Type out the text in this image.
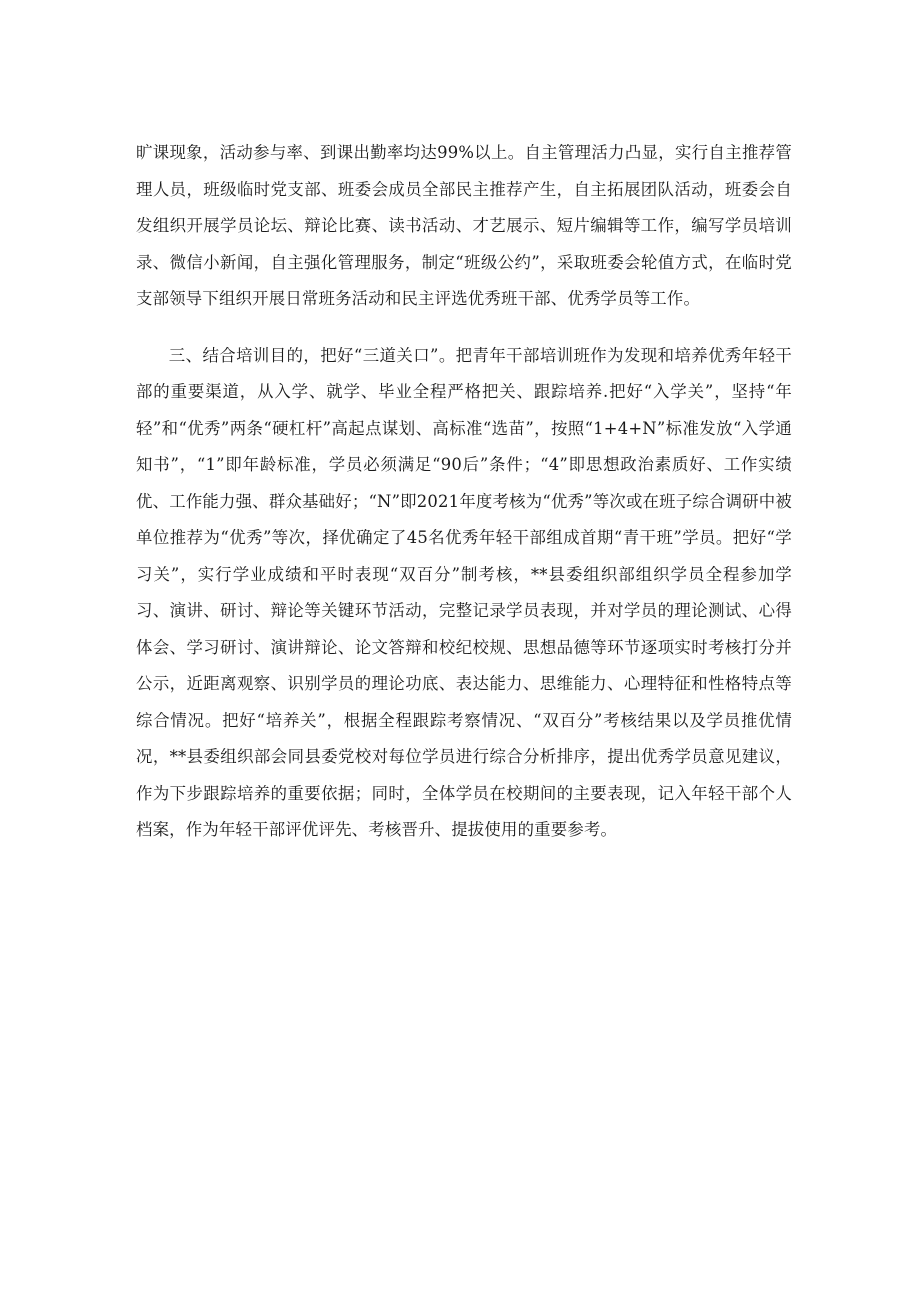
旷课现象，活动参与率、到课出勤率均达99%以上。自主管理活力凸显，实行自主推荐管理人员，班级临时党支部、班委会成员全部民主推荐产生，自主拓展团队活动，班委会自发组织开展学员论坛、辩论比赛、读书活动、才艺展示、短片编辑等工作，编写学员培训录、微信小新闻，自主强化管理服务，制定“班级公约”，采取班委会轮值方式，在临时党支部领导下组织开展日常班务活动和民主评选优秀班干部、优秀学员等工作。

三、结合培训目的，把好“三道关口”。把青年干部培训班作为发现和培养优秀年轻干部的重要渠道，从入学、就学、毕业全程严格把关、跟踪培养.把好“入学关”，坚持“年轻”和“优秀”两条“硬杠杆”高起点谋划、高标准“选苗”，按照“1+4+N”标准发放“入学通知书”，“1”即年龄标准，学员必须满足“90后”条件；“4”即思想政治素质好、工作实绩优、工作能力强、群众基础好；“N”即2021年度考核为“优秀”等次或在班子综合调研中被单位推荐为“优秀”等次，择优确定了45名优秀年轻干部组成首期“青干班”学员。把好“学习关”，实行学业成绩和平时表现“双百分”制考核，**县委组织部组织学员全程参加学习、演讲、研讨、辩论等关键环节活动，完整记录学员表现，并对学员的理论测试、心得体会、学习研讨、演讲辩论、论文答辩和校纪校规、思想品德等环节逐项实时考核打分并公示，近距离观察、识别学员的理论功底、表达能力、思维能力、心理特征和性格特点等综合情况。把好“培养关”，根据全程跟踪考察情况、“双百分”考核结果以及学员推优情况，**县委组织部会同县委党校对每位学员进行综合分析排序，提出优秀学员意见建议，作为下步跟踪培养的重要依据；同时，全体学员在校期间的主要表现，记入年轻干部个人档案，作为年轻干部评优评先、考核晋升、提拔使用的重要参考。
